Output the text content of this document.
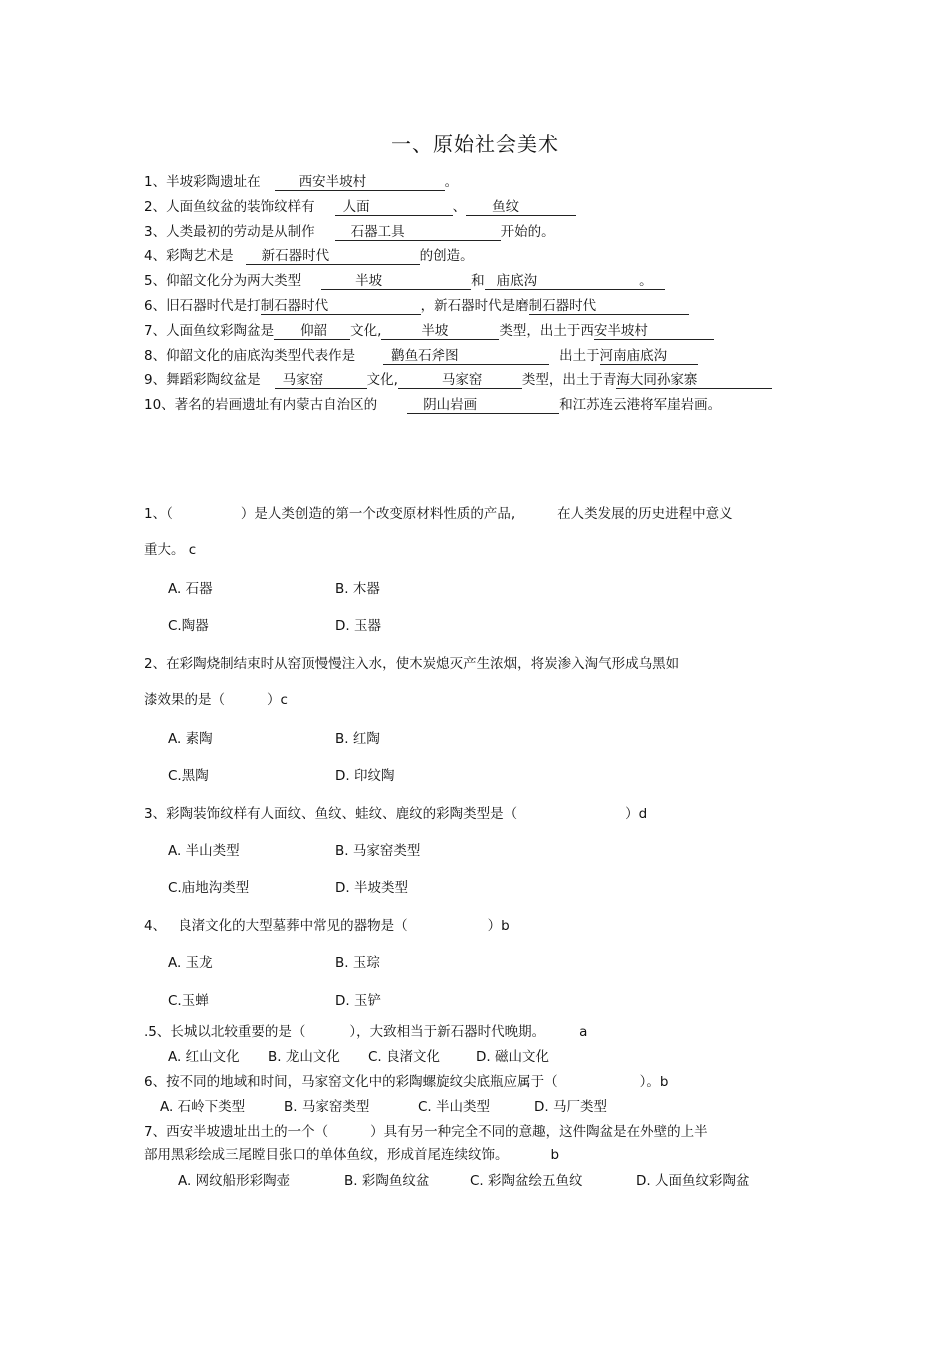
一、原始社会美术
1、半坡彩陶遗址在	西安半坡村	。
2、人面鱼纹盆的装饰纹样有 人面	、 鱼纹
3、人类最初的劳动是从制作	石器工具	开始的。
4、彩陶艺术是 新石器时代	的创造。
5、仰韶文化分为两大类型	半坡	和 庙底沟	。
6、旧石器时代是打制石器时代	，新石器时代是磨制石器时代
7、人面鱼纹彩陶盆是 仰韶 文化,	半坡	类型，出土于西安半坡村
8、仰韶文化的庙底沟类型代表作是	鹳鱼石斧图	出土于河南庙底沟
9、舞蹈彩陶纹盆是 马家窑	文化,	马家窑	类型，出土于青海大同孙家寨
10、著名的岩画遗址有内蒙古自治区的	阴山岩画	和江苏连云港将军崖岩画。
1、（	）是人类创造的第一个改变原材料性质的产品,	在人类发展的历史进程中意义
重大。 c
A. 石器	B. 木器
C.陶器	D. 玉器
2、在彩陶烧制结束时从窑顶慢慢注入水，使木炭熄灭产生浓烟，将炭渗入淘气形成乌黑如
漆效果的是（	）c
A. 素陶	B. 红陶
C.黑陶	D. 印纹陶
3、彩陶装饰纹样有人面纹、鱼纹、蛙纹、鹿纹的彩陶类型是（	）d
A. 半山类型	B. 马家窑类型
C.庙地沟类型	D. 半坡类型
4、 良渚文化的大型墓葬中常见的器物是（	）b
A. 玉龙	B. 玉琮
C.玉蝉	D. 玉铲
.5、长城以北较重要的是（	），大致相当于新石器时代晚期。	a
A. 红山文化 B. 龙山文化 C. 良渚文化	D. 磁山文化
6、按不同的地域和时间，马家窑文化中的彩陶螺旋纹尖底瓶应属于（	）。b
A. 石岭下类型	B. 马家窑类型	C. 半山类型	D. 马厂类型
7、西安半坡遗址出土的一个（	）具有另一种完全不同的意趣，这件陶盆是在外壁的上半
部用黑彩绘成三尾瞠目张口的单体鱼纹，形成首尾连续纹饰。	b
A. 网纹船形彩陶壶	B. 彩陶鱼纹盆	C. 彩陶盆绘五鱼纹	D. 人面鱼纹彩陶盆
